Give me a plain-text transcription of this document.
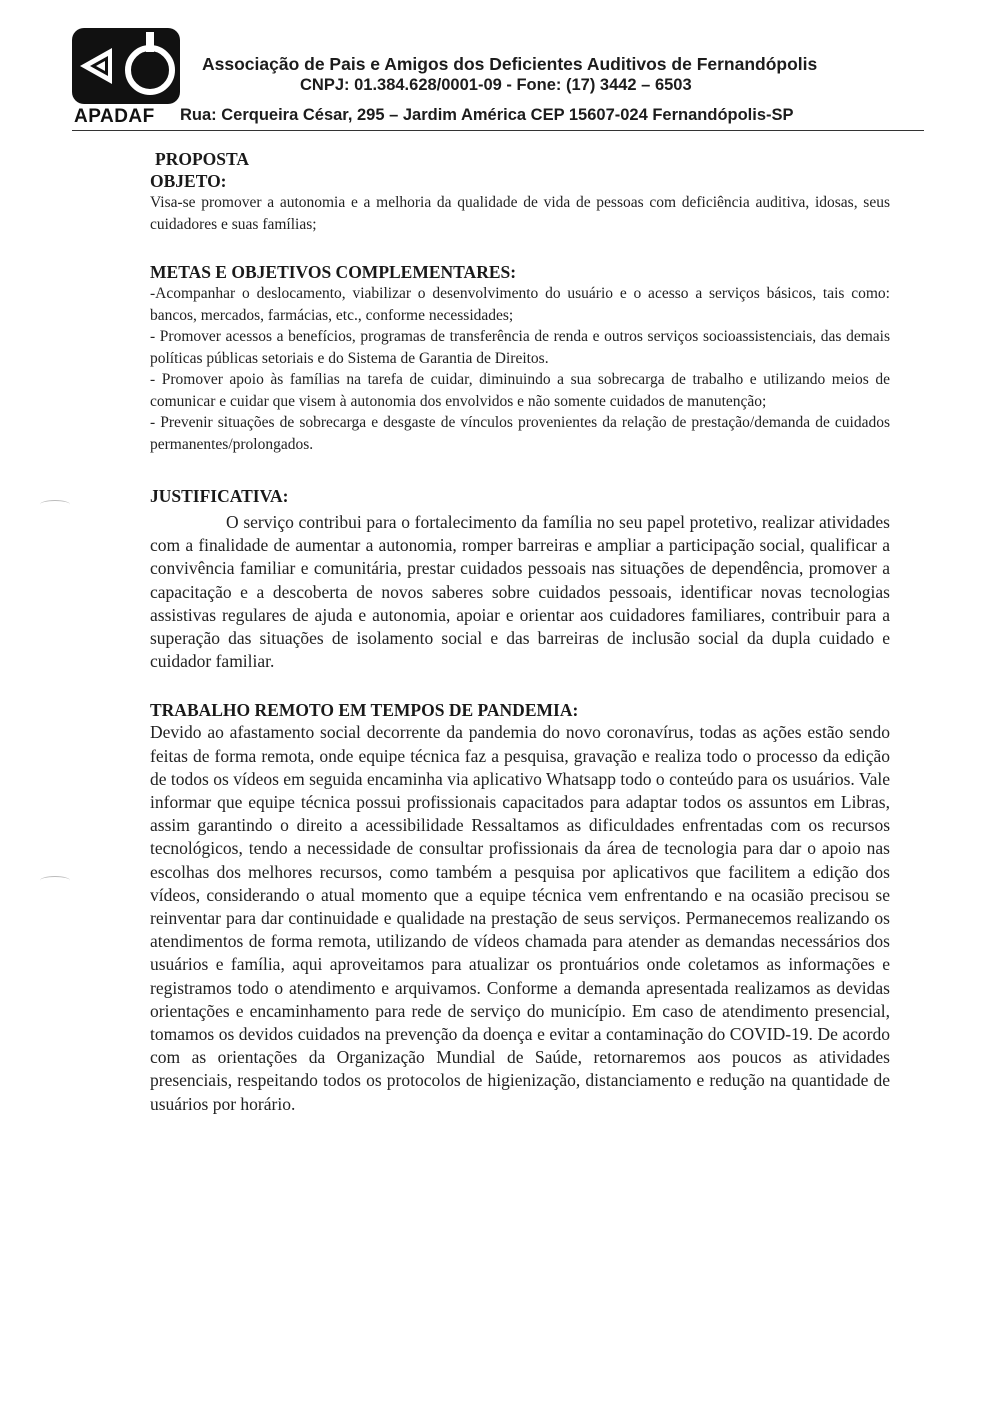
APADAF
Associação de Pais e Amigos dos Deficientes Auditivos de Fernandópolis
CNPJ: 01.384.628/0001-09 - Fone: (17) 3442 – 6503
Rua: Cerqueira César, 295 – Jardim América CEP 15607-024 Fernandópolis-SP

PROPOSTA

OBJETO:

Visa-se promover a autonomia e a melhoria da qualidade de vida de pessoas com deficiência auditiva, idosas, seus cuidadores e suas famílias;

METAS E OBJETIVOS COMPLEMENTARES:

-Acompanhar o deslocamento, viabilizar o desenvolvimento do usuário e o acesso a serviços básicos, tais como: bancos, mercados, farmácias, etc., conforme necessidades;

- Promover acessos a benefícios, programas de transferência de renda e outros serviços socioassistenciais, das demais políticas públicas setoriais e do Sistema de Garantia de Direitos.

- Promover apoio às famílias na tarefa de cuidar, diminuindo a sua sobrecarga de trabalho e utilizando meios de comunicar e cuidar que visem à autonomia dos envolvidos e não somente cuidados de manutenção;

- Prevenir situações de sobrecarga e desgaste de vínculos provenientes da relação de prestação/demanda de cuidados permanentes/prolongados.

JUSTIFICATIVA:

O serviço contribui para o fortalecimento da família no seu papel protetivo, realizar atividades com a finalidade de aumentar a autonomia, romper barreiras e ampliar a participação social, qualificar a convivência familiar e comunitária, prestar cuidados pessoais nas situações de dependência, promover a capacitação e a descoberta de novos saberes sobre cuidados pessoais, identificar novas tecnologias assistivas regulares de ajuda e autonomia, apoiar e orientar aos cuidadores familiares, contribuir para a superação das situações de isolamento social e das barreiras de inclusão social da dupla cuidado e cuidador familiar.

TRABALHO REMOTO EM TEMPOS DE PANDEMIA:

Devido ao afastamento social decorrente da pandemia do novo coronavírus, todas as ações estão sendo feitas de forma remota, onde equipe técnica faz a pesquisa, gravação e realiza todo o processo da edição de todos os vídeos em seguida encaminha via aplicativo Whatsapp todo o conteúdo para os usuários. Vale informar que equipe técnica possui profissionais capacitados para adaptar todos os assuntos em Libras, assim garantindo o direito a acessibilidade Ressaltamos as dificuldades enfrentadas com os recursos tecnológicos, tendo a necessidade de consultar profissionais da área de tecnologia para dar o apoio nas escolhas dos melhores recursos, como também a pesquisa por aplicativos que facilitem a edição dos vídeos, considerando o atual momento que a equipe técnica vem enfrentando e na ocasião precisou se reinventar para dar continuidade e qualidade na prestação de seus serviços. Permanecemos realizando os atendimentos de forma remota, utilizando de vídeos chamada para atender as demandas necessários dos usuários e família, aqui aproveitamos para atualizar os prontuários onde coletamos as informações e registramos todo o atendimento e arquivamos. Conforme a demanda apresentada realizamos as devidas orientações e encaminhamento para rede de serviço do município. Em caso de atendimento presencial, tomamos os devidos cuidados na prevenção da doença e evitar a contaminação do COVID-19. De acordo com as orientações da Organização Mundial de Saúde, retornaremos aos poucos as atividades presenciais, respeitando todos os protocolos de higienização, distanciamento e redução na quantidade de usuários por horário.
